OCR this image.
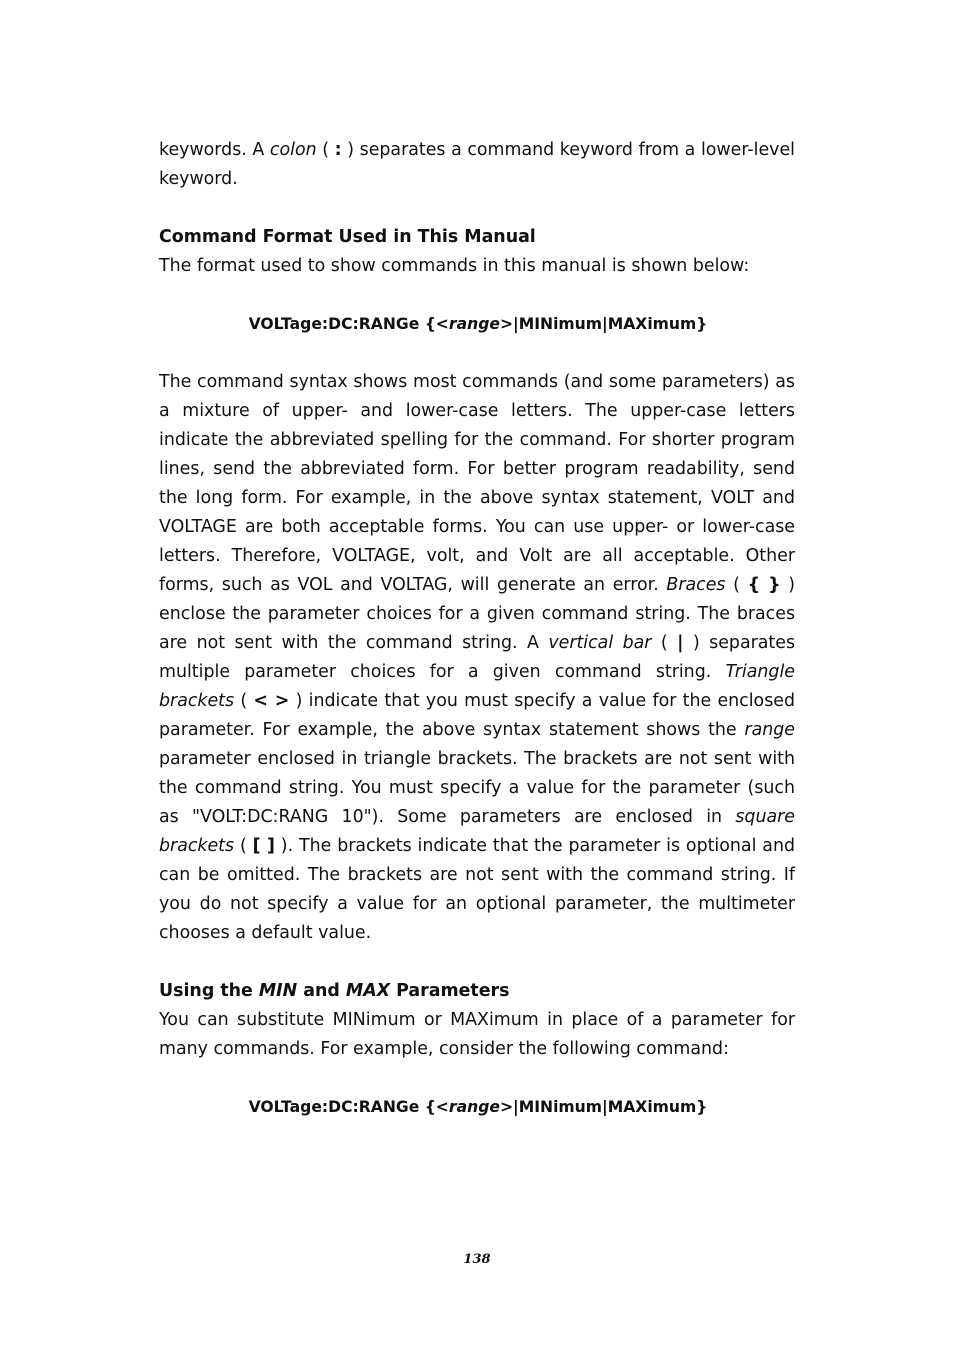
keywords. A colon ( : ) separates a command keyword from a lower-level keyword.

Command Format Used in This Manual

The format used to show commands in this manual is shown below:

VOLTage:DC:RANGe {<range>|MINimum|MAXimum}

The command syntax shows most commands (and some parameters) as a mixture of upper- and lower-case letters. The upper-case letters indicate the abbreviated spelling for the command. For shorter program lines, send the abbreviated form. For better program readability, send the long form. For example, in the above syntax statement, VOLT and VOLTAGE are both acceptable forms. You can use upper- or lower-case letters. Therefore, VOLTAGE, volt, and Volt are all acceptable. Other forms, such as VOL and VOLTAG, will generate an error. Braces ( { } ) enclose the parameter choices for a given command string. The braces are not sent with the command string. A vertical bar ( | ) separates multiple parameter choices for a given command string. Triangle brackets ( < > ) indicate that you must specify a value for the enclosed parameter. For example, the above syntax statement shows the range parameter enclosed in triangle brackets. The brackets are not sent with the command string. You must specify a value for the parameter (such as "VOLT:DC:RANG 10"). Some parameters are enclosed in square brackets ( [ ] ). The brackets indicate that the parameter is optional and can be omitted. The brackets are not sent with the command string. If you do not specify a value for an optional parameter, the multimeter chooses a default value.

Using the MIN and MAX Parameters

You can substitute MINimum or MAXimum in place of a parameter for many commands. For example, consider the following command:

VOLTage:DC:RANGe {<range>|MINimum|MAXimum}

138
